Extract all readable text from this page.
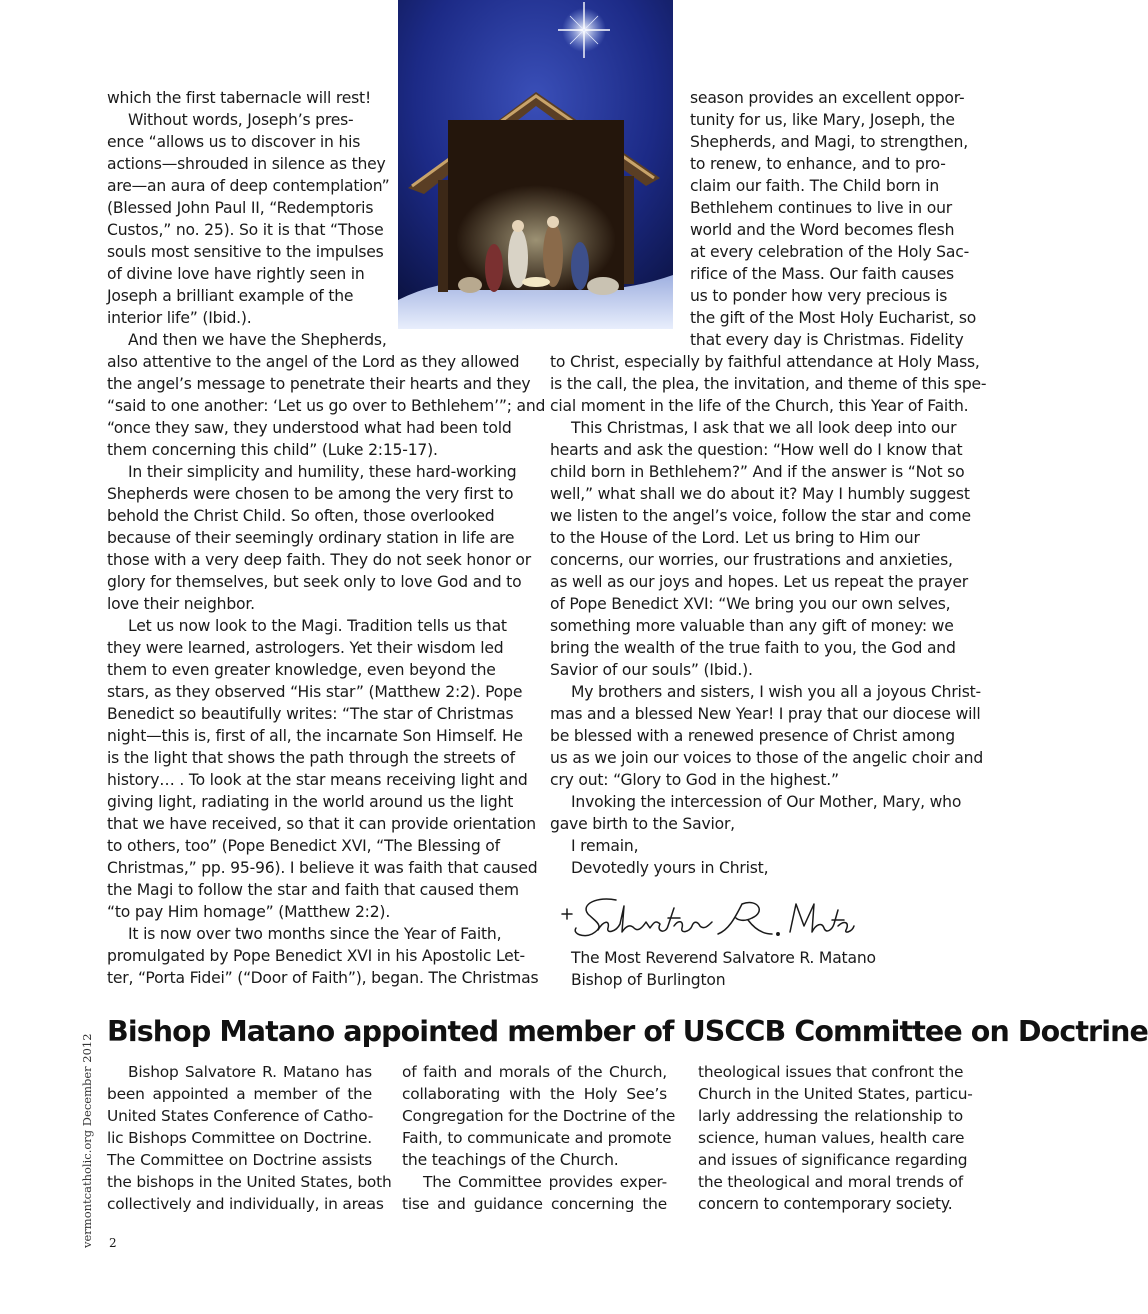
which the first tabernacle will rest!
Without words, Joseph’s pres-
ence “allows us to discover in his
actions—shrouded in silence as they
are—an aura of deep contemplation”
(Blessed John Paul II, “Redemptoris
Custos,” no. 25). So it is that “Those
souls most sensitive to the impulses
of divine love have rightly seen in
Joseph a brilliant example of the
interior life” (Ibid.).
And then we have the Shepherds,
also attentive to the angel of the Lord as they allowed
the angel’s message to penetrate their hearts and they
“said to one another: ‘Let us go over to Bethlehem’”; and
“once they saw, they understood what had been told
them concerning this child” (Luke 2:15-17).
In their simplicity and humility, these hard-working
Shepherds were chosen to be among the very first to
behold the Christ Child. So often, those overlooked
because of their seemingly ordinary station in life are
those with a very deep faith. They do not seek honor or
glory for themselves, but seek only to love God and to
love their neighbor.
Let us now look to the Magi. Tradition tells us that
they were learned, astrologers. Yet their wisdom led
them to even greater knowledge, even beyond the
stars, as they observed “His star” (Matthew 2:2). Pope
Benedict so beautifully writes: “The star of Christmas
night—this is, first of all, the incarnate Son Himself. He
is the light that shows the path through the streets of
history… . To look at the star means receiving light and
giving light, radiating in the world around us the light
that we have received, so that it can provide orientation
to others, too” (Pope Benedict XVI, “The Blessing of
Christmas,” pp. 95-96). I believe it was faith that caused
the Magi to follow the star and faith that caused them
“to pay Him homage” (Matthew 2:2).
It is now over two months since the Year of Faith,
promulgated by Pope Benedict XVI in his Apostolic Let-
ter, “Porta Fidei” (“Door of Faith”), began. The Christmas
season provides an excellent oppor-
tunity for us, like Mary, Joseph, the
Shepherds, and Magi, to strengthen,
to renew, to enhance, and to pro-
claim our faith. The Child born in
Bethlehem continues to live in our
world and the Word becomes flesh
at every celebration of the Holy Sac-
rifice of the Mass. Our faith causes
us to ponder how very precious is
the gift of the Most Holy Eucharist, so
that every day is Christmas. Fidelity
to Christ, especially by faithful attendance at Holy Mass,
is the call, the plea, the invitation, and theme of this spe-
cial moment in the life of the Church, this Year of Faith.
This Christmas, I ask that we all look deep into our
hearts and ask the question: “How well do I know that
child born in Bethlehem?” And if the answer is “Not so
well,” what shall we do about it? May I humbly suggest
we listen to the angel’s voice, follow the star and come
to the House of the Lord. Let us bring to Him our
concerns, our worries, our frustrations and anxieties,
as well as our joys and hopes. Let us repeat the prayer
of Pope Benedict XVI: “We bring you our own selves,
something more valuable than any gift of money: we
bring the wealth of the true faith to you, the God and
Savior of our souls” (Ibid.).
My brothers and sisters, I wish you all a joyous Christ-
mas and a blessed New Year! I pray that our diocese will
be blessed with a renewed presence of Christ among
us as we join our voices to those of the angelic choir and
cry out: “Glory to God in the highest.”
Invoking the intercession of Our Mother, Mary, who
gave birth to the Savior,
I remain,
Devotedly yours in Christ,
The Most Reverend Salvatore R. Matano
Bishop of Burlington
Bishop Matano appointed member of USCCB Committee on Doctrine
Bishop Salvatore R. Matano has
been appointed a member of the
United States Conference of Catho-
lic Bishops Committee on Doctrine.
The Committee on Doctrine assists
the bishops in the United States, both
collectively and individually, in areas
of faith and morals of the Church,
collaborating with the Holy See’s
Congregation for the Doctrine of the
Faith, to communicate and promote
the teachings of the Church.
The Committee provides exper-
tise and guidance concerning the
theological issues that confront the
Church in the United States, particu-
larly addressing the relationship to
science, human values, health care
and issues of significance regarding
the theological and moral trends of
concern to contemporary society.
vermontcatholic.org December 2012 2
